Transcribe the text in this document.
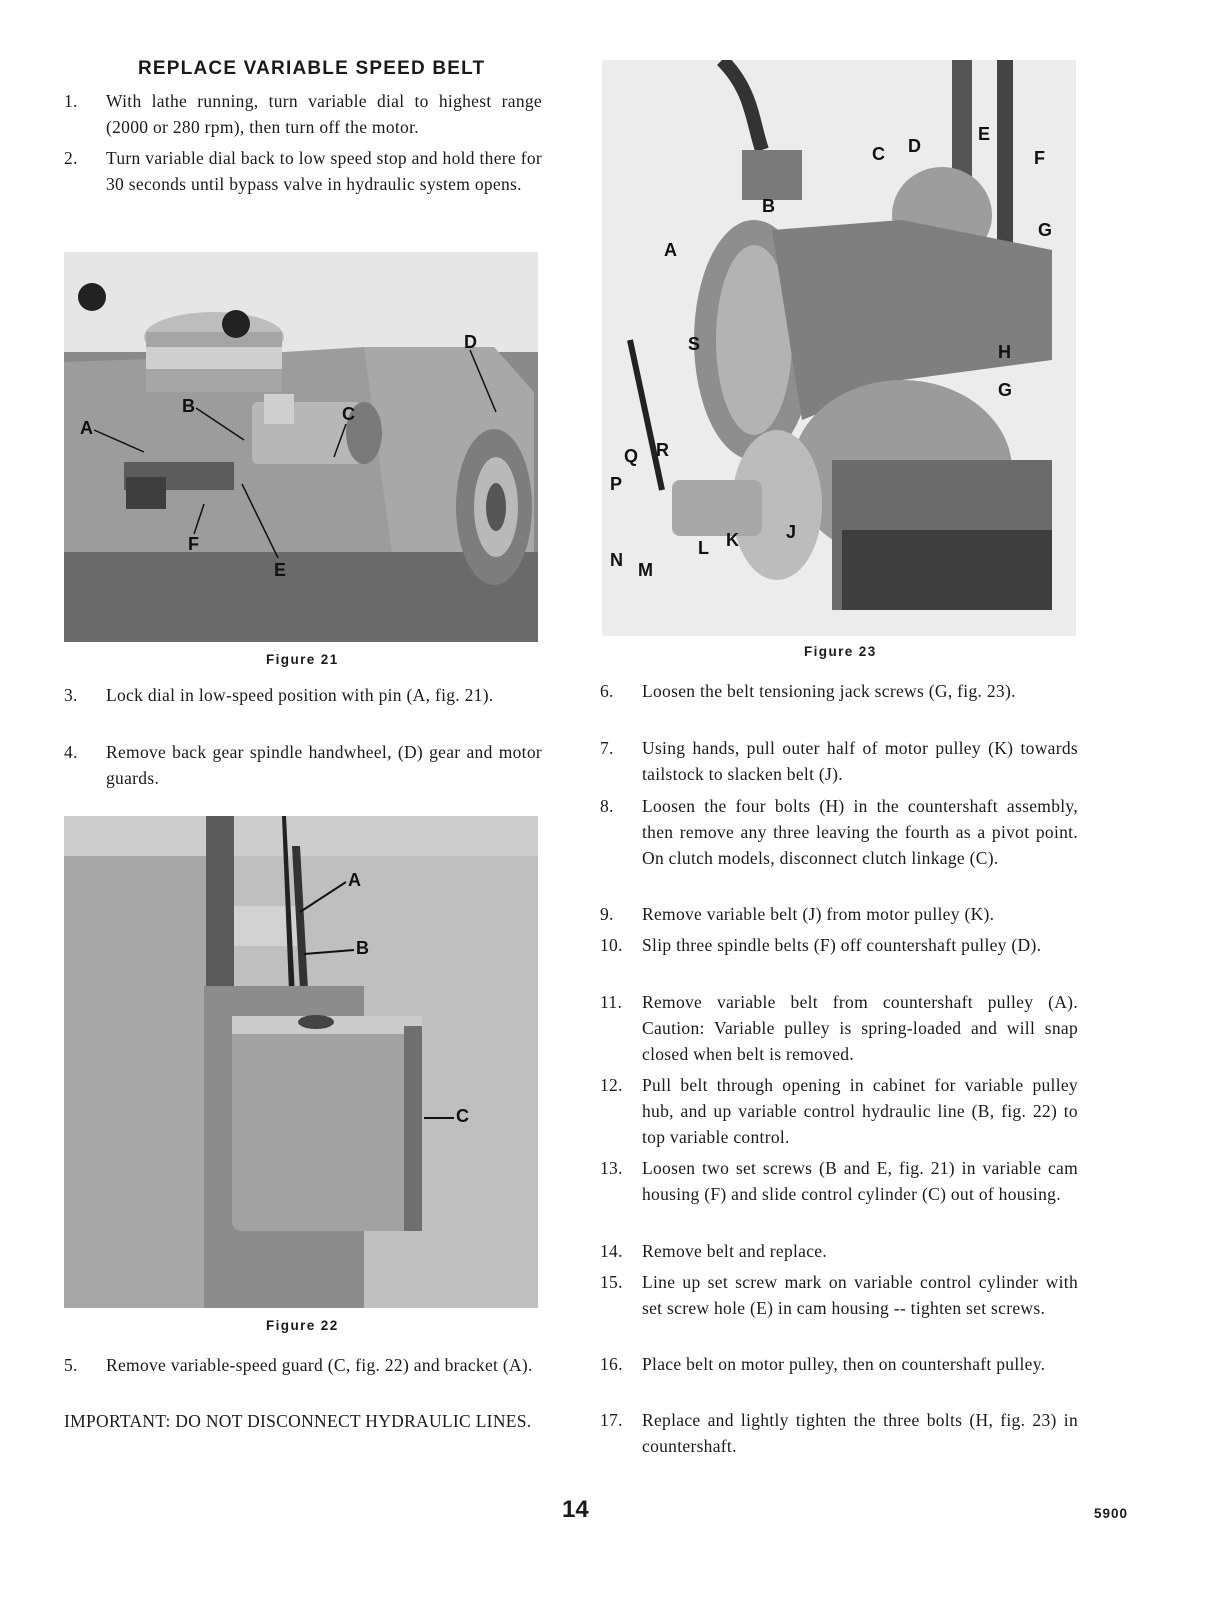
REPLACE VARIABLE SPEED BELT
1. With lathe running, turn variable dial to highest range (2000 or 280 rpm), then turn off the motor.
2. Turn variable dial back to low speed stop and hold there for 30 seconds until bypass valve in hydraulic system opens.
D
B	C
A
F
E
Figure 21
3. Lock dial in low-speed position with pin (A, fig. 21).
4. Remove back gear spindle handwheel, (D) gear and motor guards.
A
B
C
Figure 22
5. Remove variable-speed guard (C, fig. 22) and bracket (A).
IMPORTANT: DO NOT DISCONNECT HYDRAULIC LINES.
C D
E
F
B
G
A
H
S
G
Q R
P
N M
L K	J
Figure 23
6. Loosen the belt tensioning jack screws (G, fig. 23).
7. Using hands, pull outer half of motor pulley (K) towards tailstock to slacken belt (J).
8. Loosen the four bolts (H) in the countershaft assembly, then remove any three leaving the fourth as a pivot point. On clutch models, disconnect clutch linkage (C).
9. Remove variable belt (J) from motor pulley (K).
10. Slip three spindle belts (F) off countershaft pulley (D).
11. Remove variable belt from countershaft pulley (A). Caution: Variable pulley is spring-loaded and will snap closed when belt is removed.
12. Pull belt through opening in cabinet for variable pulley hub, and up variable control hydraulic line (B, fig. 22) to top variable control.
13. Loosen two set screws (B and E, fig. 21) in variable cam housing (F) and slide control cylinder (C) out of housing.
14. Remove belt and replace.
15. Line up set screw mark on variable control cylinder with set screw hole (E) in cam housing -- tighten set screws.
16. Place belt on motor pulley, then on countershaft pulley.
17. Replace and lightly tighten the three bolts (H, fig. 23) in countershaft.
14	5900
